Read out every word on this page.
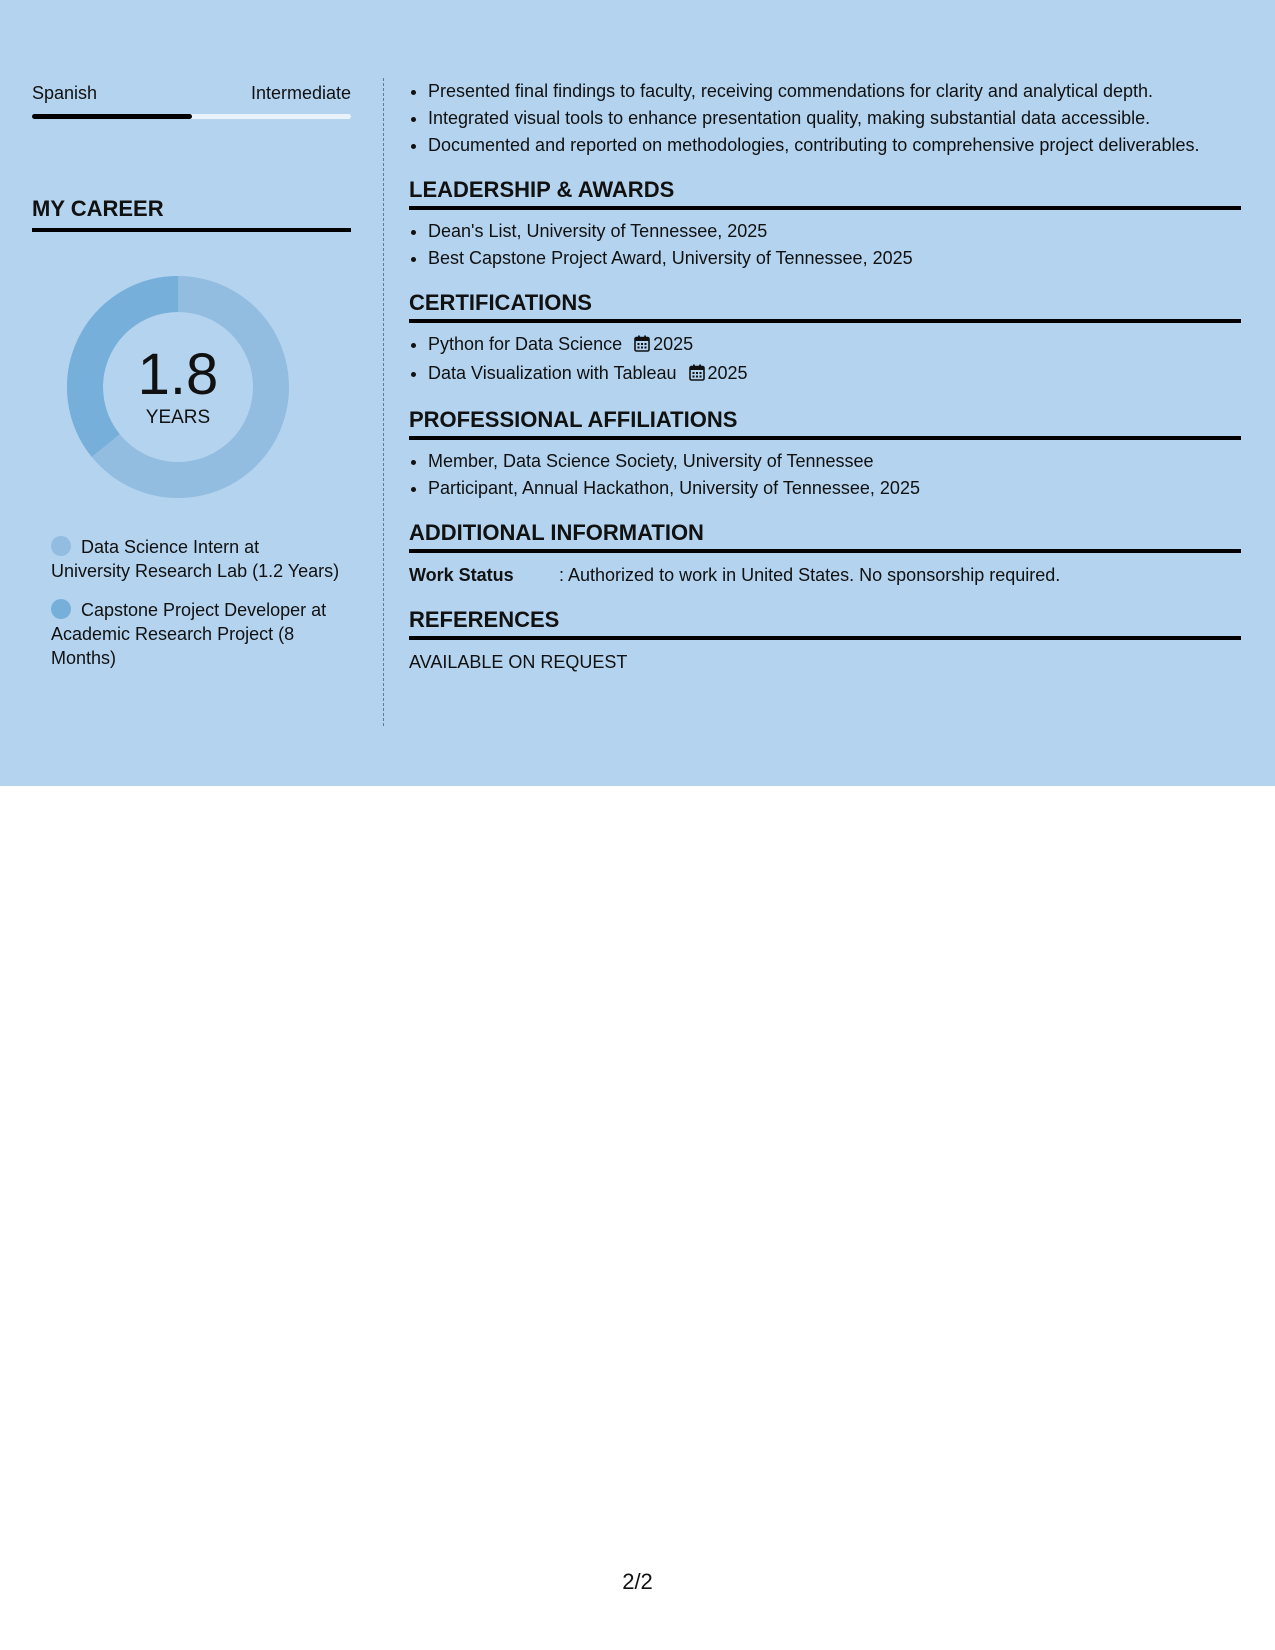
Spanish	Intermediate
MY CAREER
1.8
YEARS
Data Science Intern at University Research Lab (1.2 Years)
Capstone Project Developer at Academic Research Project (8 Months)
• Presented final findings to faculty, receiving commendations for clarity and analytical depth.
• Integrated visual tools to enhance presentation quality, making substantial data accessible.
• Documented and reported on methodologies, contributing to comprehensive project deliverables.
LEADERSHIP & AWARDS
• Dean's List, University of Tennessee, 2025
• Best Capstone Project Award, University of Tennessee, 2025
CERTIFICATIONS
• Python for Data Science 2025
• Data Visualization with Tableau 2025
PROFESSIONAL AFFILIATIONS
• Member, Data Science Society, University of Tennessee
• Participant, Annual Hackathon, University of Tennessee, 2025
ADDITIONAL INFORMATION
Work Status	: Authorized to work in United States. No sponsorship required.
REFERENCES
AVAILABLE ON REQUEST
2/2
